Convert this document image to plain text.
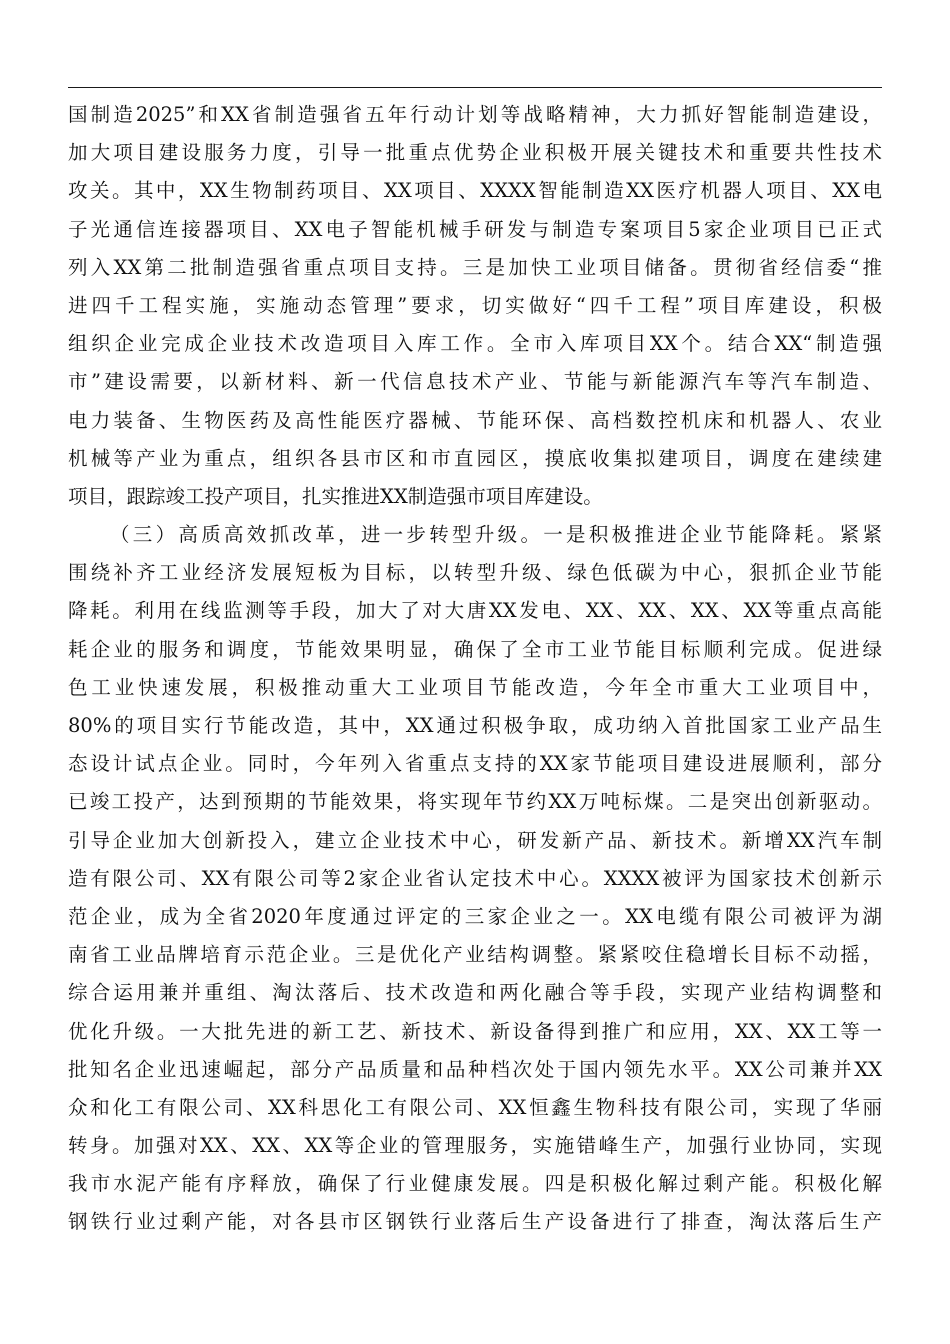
国制造2025”和XX省制造强省五年行动计划等战略精神，大力抓好智能制造建设，
加大项目建设服务力度，引导一批重点优势企业积极开展关键技术和重要共性技术
攻关。其中，XX生物制药项目、XX项目、XXXX智能制造XX医疗机器人项目、XX电
子光通信连接器项目、XX电子智能机械手研发与制造专案项目5家企业项目已正式
列入XX第二批制造强省重点项目支持。三是加快工业项目储备。贯彻省经信委“推
进四千工程实施，实施动态管理”要求，切实做好“四千工程”项目库建设，积极
组织企业完成企业技术改造项目入库工作。全市入库项目XX个。结合XX“制造强
市”建设需要，以新材料、新一代信息技术产业、节能与新能源汽车等汽车制造、
电力装备、生物医药及高性能医疗器械、节能环保、高档数控机床和机器人、农业
机械等产业为重点，组织各县市区和市直园区，摸底收集拟建项目，调度在建续建
项目，跟踪竣工投产项目，扎实推进XX制造强市项目库建设。
（三）高质高效抓改革，进一步转型升级。一是积极推进企业节能降耗。紧紧
围绕补齐工业经济发展短板为目标，以转型升级、绿色低碳为中心，狠抓企业节能
降耗。利用在线监测等手段，加大了对大唐XX发电、XX、XX、XX、XX等重点高能
耗企业的服务和调度，节能效果明显，确保了全市工业节能目标顺利完成。促进绿
色工业快速发展，积极推动重大工业项目节能改造，今年全市重大工业项目中，
80%的项目实行节能改造，其中，XX通过积极争取，成功纳入首批国家工业产品生
态设计试点企业。同时，今年列入省重点支持的XX家节能项目建设进展顺利，部分
已竣工投产，达到预期的节能效果，将实现年节约XX万吨标煤。二是突出创新驱动。
引导企业加大创新投入，建立企业技术中心，研发新产品、新技术。新增XX汽车制
造有限公司、XX有限公司等2家企业省认定技术中心。XXXX被评为国家技术创新示
范企业，成为全省2020年度通过评定的三家企业之一。XX电缆有限公司被评为湖
南省工业品牌培育示范企业。三是优化产业结构调整。紧紧咬住稳增长目标不动摇，
综合运用兼并重组、淘汰落后、技术改造和两化融合等手段，实现产业结构调整和
优化升级。一大批先进的新工艺、新技术、新设备得到推广和应用，XX、XX工等一
批知名企业迅速崛起，部分产品质量和品种档次处于国内领先水平。XX公司兼并XX
众和化工有限公司、XX科思化工有限公司、XX恒鑫生物科技有限公司，实现了华丽
转身。加强对XX、XX、XX等企业的管理服务，实施错峰生产，加强行业协同，实现
我市水泥产能有序释放，确保了行业健康发展。四是积极化解过剩产能。积极化解
钢铁行业过剩产能，对各县市区钢铁行业落后生产设备进行了排查，淘汰落后生产
